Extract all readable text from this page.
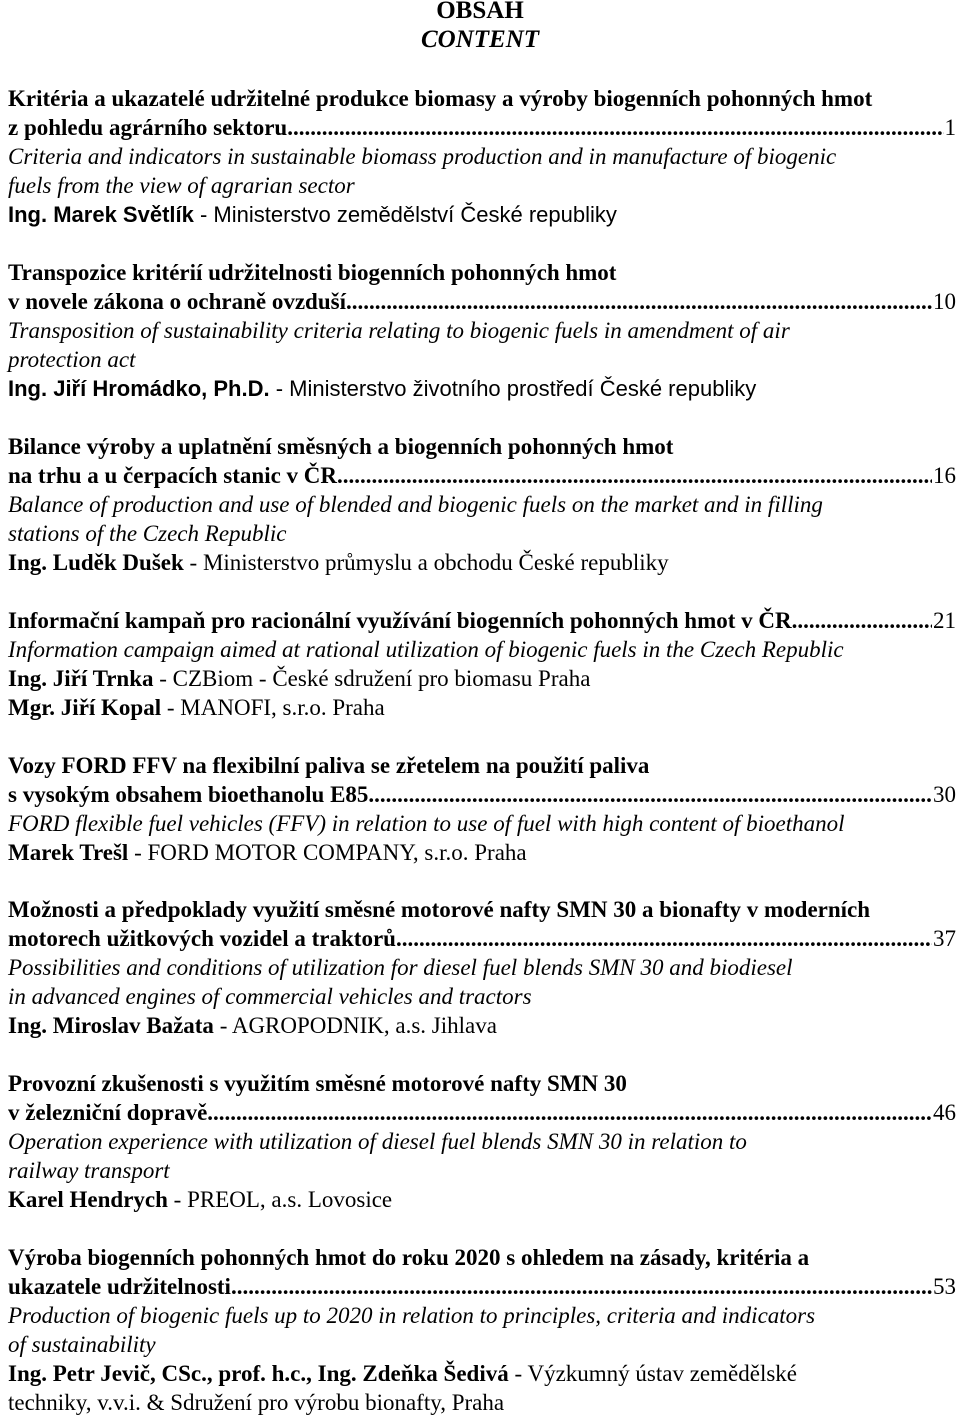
OBSAH
CONTENT
Kritéria a ukazatelé udržitelné produkce biomasy a výroby biogenních pohonných hmot
z pohledu agrárního sektoru .....	1
Criteria and indicators in sustainable biomass production and in manufacture of biogenic
fuels from the view of agrarian sector
Ing. Marek Světlík - Ministerstvo zemědělství České republiky
Transpozice kritérií udržitelnosti biogenních pohonných hmot
v novele zákona o ochraně ovzduší .....	10
Transposition of sustainability criteria relating to biogenic fuels in amendment of air
protection act
Ing. Jiří Hromádko, Ph.D. - Ministerstvo životního prostředí České republiky
Bilance výroby a uplatnění směsných a biogenních pohonných hmot
na trhu a u čerpacích stanic v ČR .....	16
Balance of production and use of blended and biogenic fuels on the market and in filling
stations of the Czech Republic
Ing. Luděk Dušek - Ministerstvo průmyslu a obchodu České republiky
Informační kampaň pro racionální využívání biogenních pohonných hmot v ČR .....	21
Information campaign aimed at rational utilization of biogenic fuels in the Czech Republic
Ing. Jiří Trnka - CZBiom - České sdružení pro biomasu Praha
Mgr. Jiří Kopal - MANOFI, s.r.o. Praha
Vozy FORD FFV na flexibilní paliva se zřetelem na použití paliva
s vysokým obsahem bioethanolu E85 .....	30
FORD flexible fuel vehicles (FFV) in relation to use of fuel with high content of bioethanol
Marek Trešl - FORD MOTOR COMPANY, s.r.o. Praha
Možnosti a předpoklady využití směsné motorové nafty SMN 30 a bionafty v moderních
motorech užitkových vozidel a traktorů .....	37
Possibilities and conditions of utilization for diesel fuel blends SMN 30 and biodiesel
in advanced engines of commercial vehicles and tractors
Ing. Miroslav Bažata - AGROPODNIK, a.s. Jihlava
Provozní zkušenosti s využitím směsné motorové nafty SMN 30
v železniční dopravě .....	46
Operation experience with utilization of diesel fuel blends SMN 30 in relation to
railway transport
Karel Hendrych - PREOL, a.s. Lovosice
Výroba biogenních pohonných hmot do roku 2020 s ohledem na zásady, kritéria a
ukazatele udržitelnosti .....	53
Production of biogenic fuels up to 2020 in relation to principles, criteria and indicators
of sustainability
Ing. Petr Jevič, CSc., prof. h.c., Ing. Zdeňka Šedivá - Výzkumný ústav zemědělské
techniky, v.v.i. & Sdružení pro výrobu bionafty, Praha
